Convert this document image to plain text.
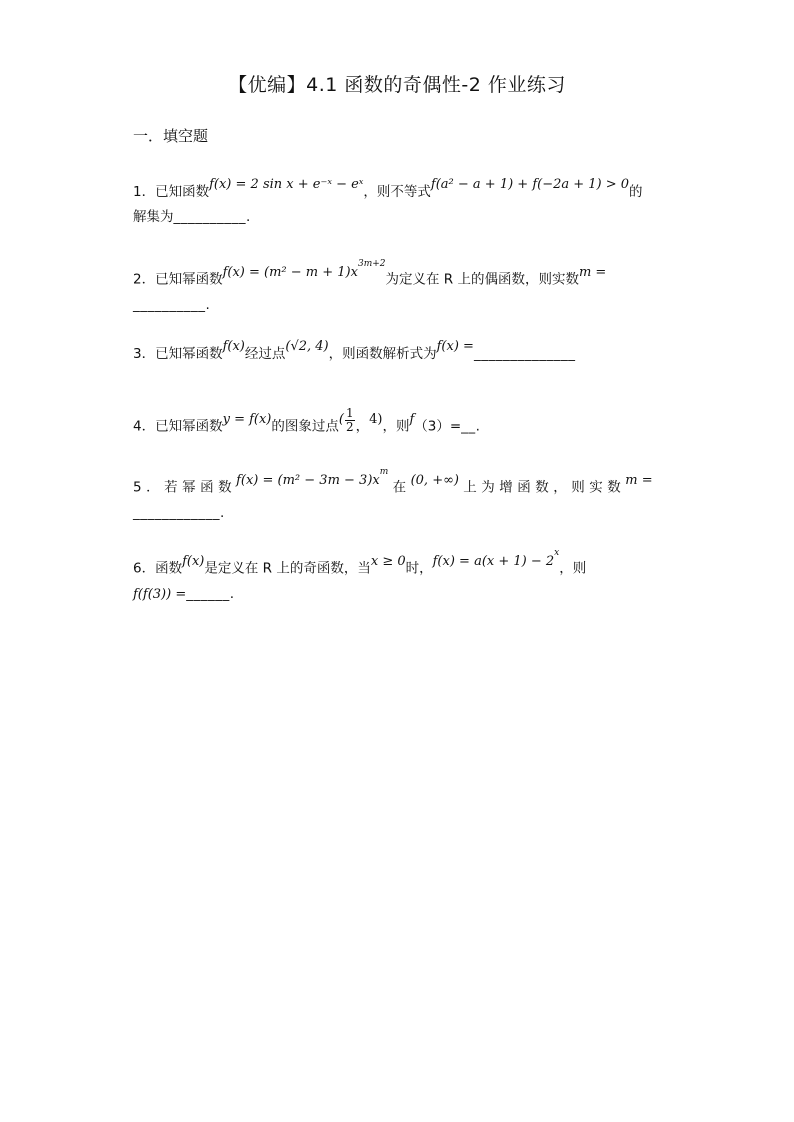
【优编】4.1 函数的奇偶性-2 作业练习
一．填空题
1．已知函数f(x) = 2 sin x + e⁻ˣ − eˣ，则不等式f(a² − a + 1) + f(−2a + 1) > 0的
解集为__________.
2．已知幂函数$f(x) = (m^2 - m + 1)x^{3m+2}$为定义在 R 上的偶函数，则实数m =
__________.
3．已知幂函数f(x)经过点(√2, 4)，则函数解析式为f(x) =______________
4．已知幂函数y = f(x)的图象过点( $\frac{1}{2}$ ，4)，则f（3）=__.
5．若幂函数$f(x) = (m^2 - 3m - 3)x^m$ 在(0, +∞) 上为增函数，则实数m =
____________.
6．函数f(x)是定义在 R 上的奇函数，当x ≥ 0时，$f(x) = a(x + 1) - 2^x$，则
f(f(3)) =______.
